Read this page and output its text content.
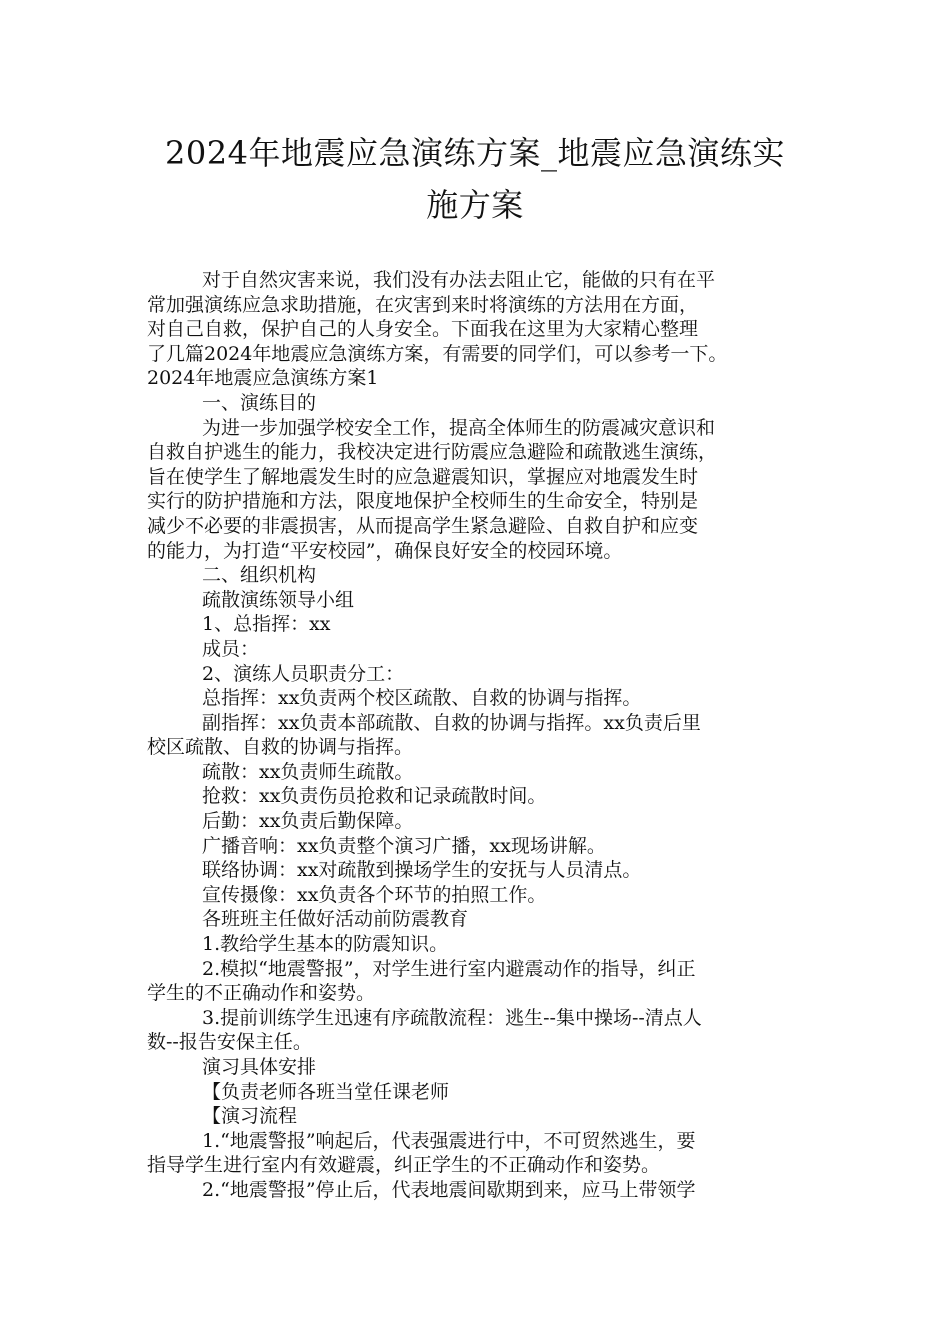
2024年地震应急演练方案_地震应急演练实
施方案
对于自然灾害来说，我们没有办法去阻止它，能做的只有在平
常加强演练应急求助措施，在灾害到来时将演练的方法用在方面，
对自己自救，保护自己的人身安全。下面我在这里为大家精心整理
了几篇2024年地震应急演练方案，有需要的同学们，可以参考一下。
2024年地震应急演练方案1
一、演练目的
为进一步加强学校安全工作，提高全体师生的防震减灾意识和
自救自护逃生的能力，我校决定进行防震应急避险和疏散逃生演练，
旨在使学生了解地震发生时的应急避震知识，掌握应对地震发生时
实行的防护措施和方法，限度地保护全校师生的生命安全，特别是
减少不必要的非震损害，从而提高学生紧急避险、自救自护和应变
的能力，为打造“平安校园”，确保良好安全的校园环境。
二、组织机构
疏散演练领导小组
1、总指挥：xx
成员：
2、演练人员职责分工：
总指挥：xx负责两个校区疏散、自救的协调与指挥。
副指挥：xx负责本部疏散、自救的协调与指挥。xx负责后里
校区疏散、自救的协调与指挥。
疏散：xx负责师生疏散。
抢救：xx负责伤员抢救和记录疏散时间。
后勤：xx负责后勤保障。
广播音响：xx负责整个演习广播，xx现场讲解。
联络协调：xx对疏散到操场学生的安抚与人员清点。
宣传摄像：xx负责各个环节的拍照工作。
各班班主任做好活动前防震教育
1.教给学生基本的防震知识。
2.模拟“地震警报”，对学生进行室内避震动作的指导，纠正
学生的不正确动作和姿势。
3.提前训练学生迅速有序疏散流程：逃生--集中操场--清点人
数--报告安保主任。
演习具体安排
【负责老师各班当堂任课老师
【演习流程
1.“地震警报”响起后，代表强震进行中，不可贸然逃生，要
指导学生进行室内有效避震，纠正学生的不正确动作和姿势。
2.“地震警报”停止后，代表地震间歇期到来，应马上带领学
